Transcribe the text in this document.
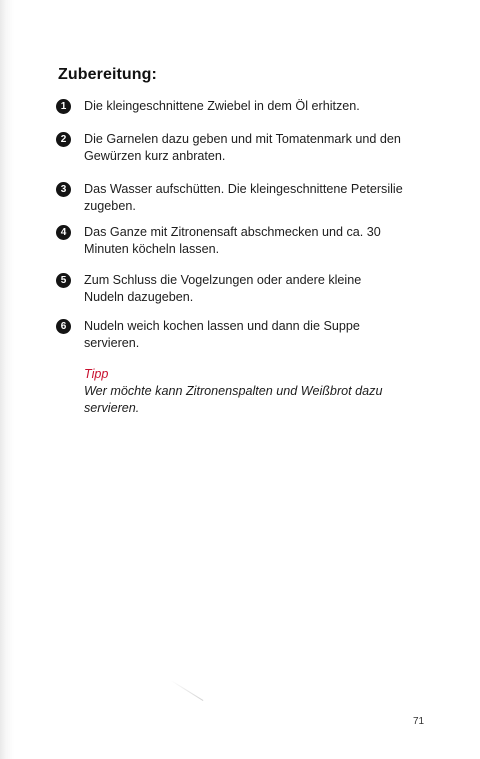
Zubereitung:
1	Die kleingeschnittene Zwiebel in dem Öl erhitzen.
2	Die Garnelen dazu geben und mit Tomatenmark und den Gewürzen kurz anbraten.
3	Das Wasser aufschütten. Die kleingeschnittene Petersilie zugeben.
4	Das Ganze mit Zitronensaft abschmecken und ca. 30 Minuten köcheln lassen.
5	Zum Schluss die Vogelzungen oder andere kleine Nudeln dazugeben.
6	Nudeln weich kochen lassen und dann die Suppe servieren.
Tipp
Wer möchte kann Zitronenspalten und Weißbrot dazu servieren.
71
